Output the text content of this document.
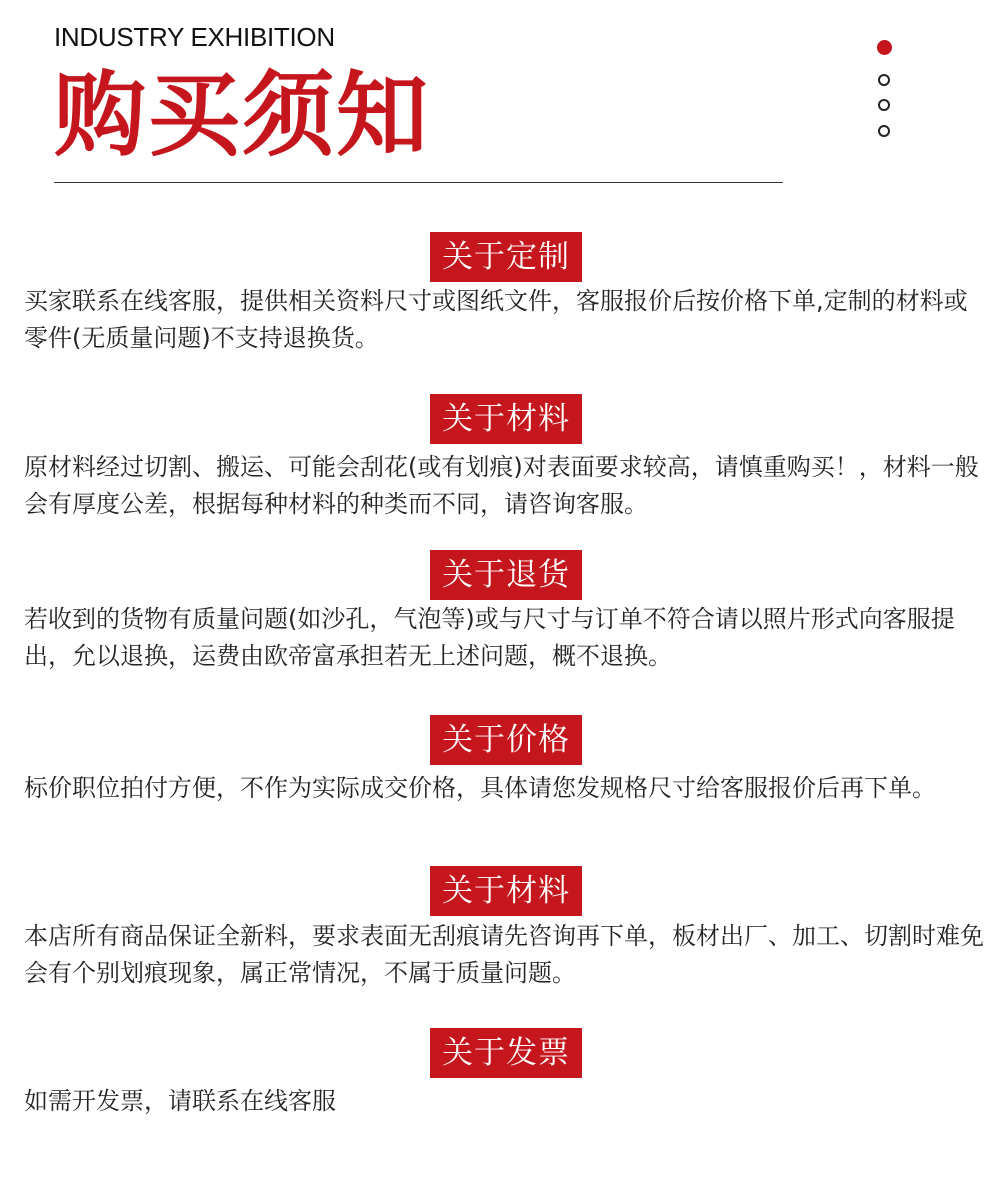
INDUSTRY EXHIBITION
购买须知
关于定制

买家联系在线客服，提供相关资料尺寸或图纸文件，客服报价后按价格下单,定制的材料或零件(无质量问题)不支持退换货。

关于材料

原材料经过切割、搬运、可能会刮花(或有划痕)对表面要求较高，请慎重购买！，材料一般会有厚度公差，根据每种材料的种类而不同，请咨询客服。

关于退货

若收到的货物有质量问题(如沙孔，气泡等)或与尺寸与订单不符合请以照片形式向客服提出，允以退换，运费由欧帝富承担若无上述问题，概不退换。

关于价格

标价职位拍付方便，不作为实际成交价格，具体请您发规格尺寸给客服报价后再下单。

关于材料

本店所有商品保证全新料，要求表面无刮痕请先咨询再下单，板材出厂、加工、切割时难免会有个别划痕现象，属正常情况，不属于质量问题。

关于发票

如需开发票，请联系在线客服
